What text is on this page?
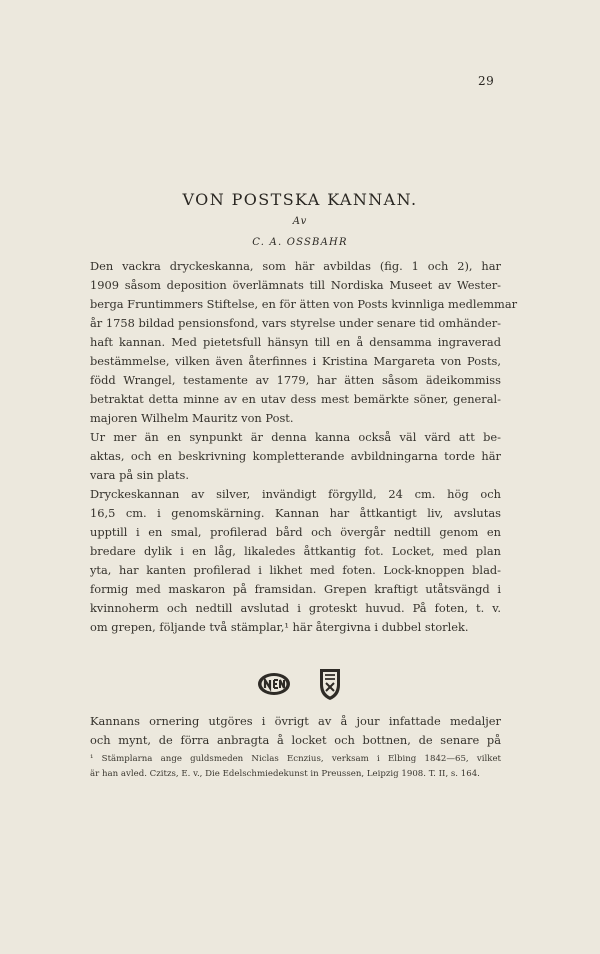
29
VON POSTSKA KANNAN.
Av
C. A. OSSBAHR
Den vackra dryckeskanna, som här avbildas (fig. 1 och 2), har
1909 såsom deposition överlämnats till Nordiska Museet av Wester-
berga Fruntimmers Stiftelse, en för ätten von Posts kvinnliga medlemmar
år 1758 bildad pensionsfond, vars styrelse under senare tid omhänder-
haft kannan. Med pietetsfull hänsyn till en å densamma ingraverad
bestämmelse, vilken även återfinnes i Kristina Margareta von Posts,
född Wrangel, testamente av 1779, har ätten såsom ädeikommiss
betraktat detta minne av en utav dess mest bemärkte söner, general-
majoren Wilhelm Mauritz von Post.
Ur mer än en synpunkt är denna kanna också väl värd att be-
aktas, och en beskrivning kompletterande avbildningarna torde här
vara på sin plats.
Dryckeskannan av silver, invändigt förgylld, 24 cm. hög och
16,5 cm. i genomskärning. Kannan har åttkantigt liv, avslutas
upptill i en smal, profilerad bård och övergår nedtill genom en
bredare dylik i en låg, likaledes åttkantig fot. Locket, med plan
yta, har kanten profilerad i likhet med foten. Lock-knoppen blad-
formig med maskaron på framsidan. Grepen kraftigt utåtsvängd i
kvinnoherm och nedtill avslutad i groteskt huvud. På foten, t. v.
om grepen, följande två stämplar,¹ här återgivna i dubbel storlek.
Kannans ornering utgöres i övrigt av å jour infattade medaljer
och mynt, de förra anbragta å locket och bottnen, de senare på
¹ Stämplarna ange guldsmeden Niclas Ecnzius, verksam i Elbing 1842—65, vilket
är han avled. Czitzs, E. v., Die Edelschmiedekunst in Preussen, Leipzig 1908. T. II, s. 164.
